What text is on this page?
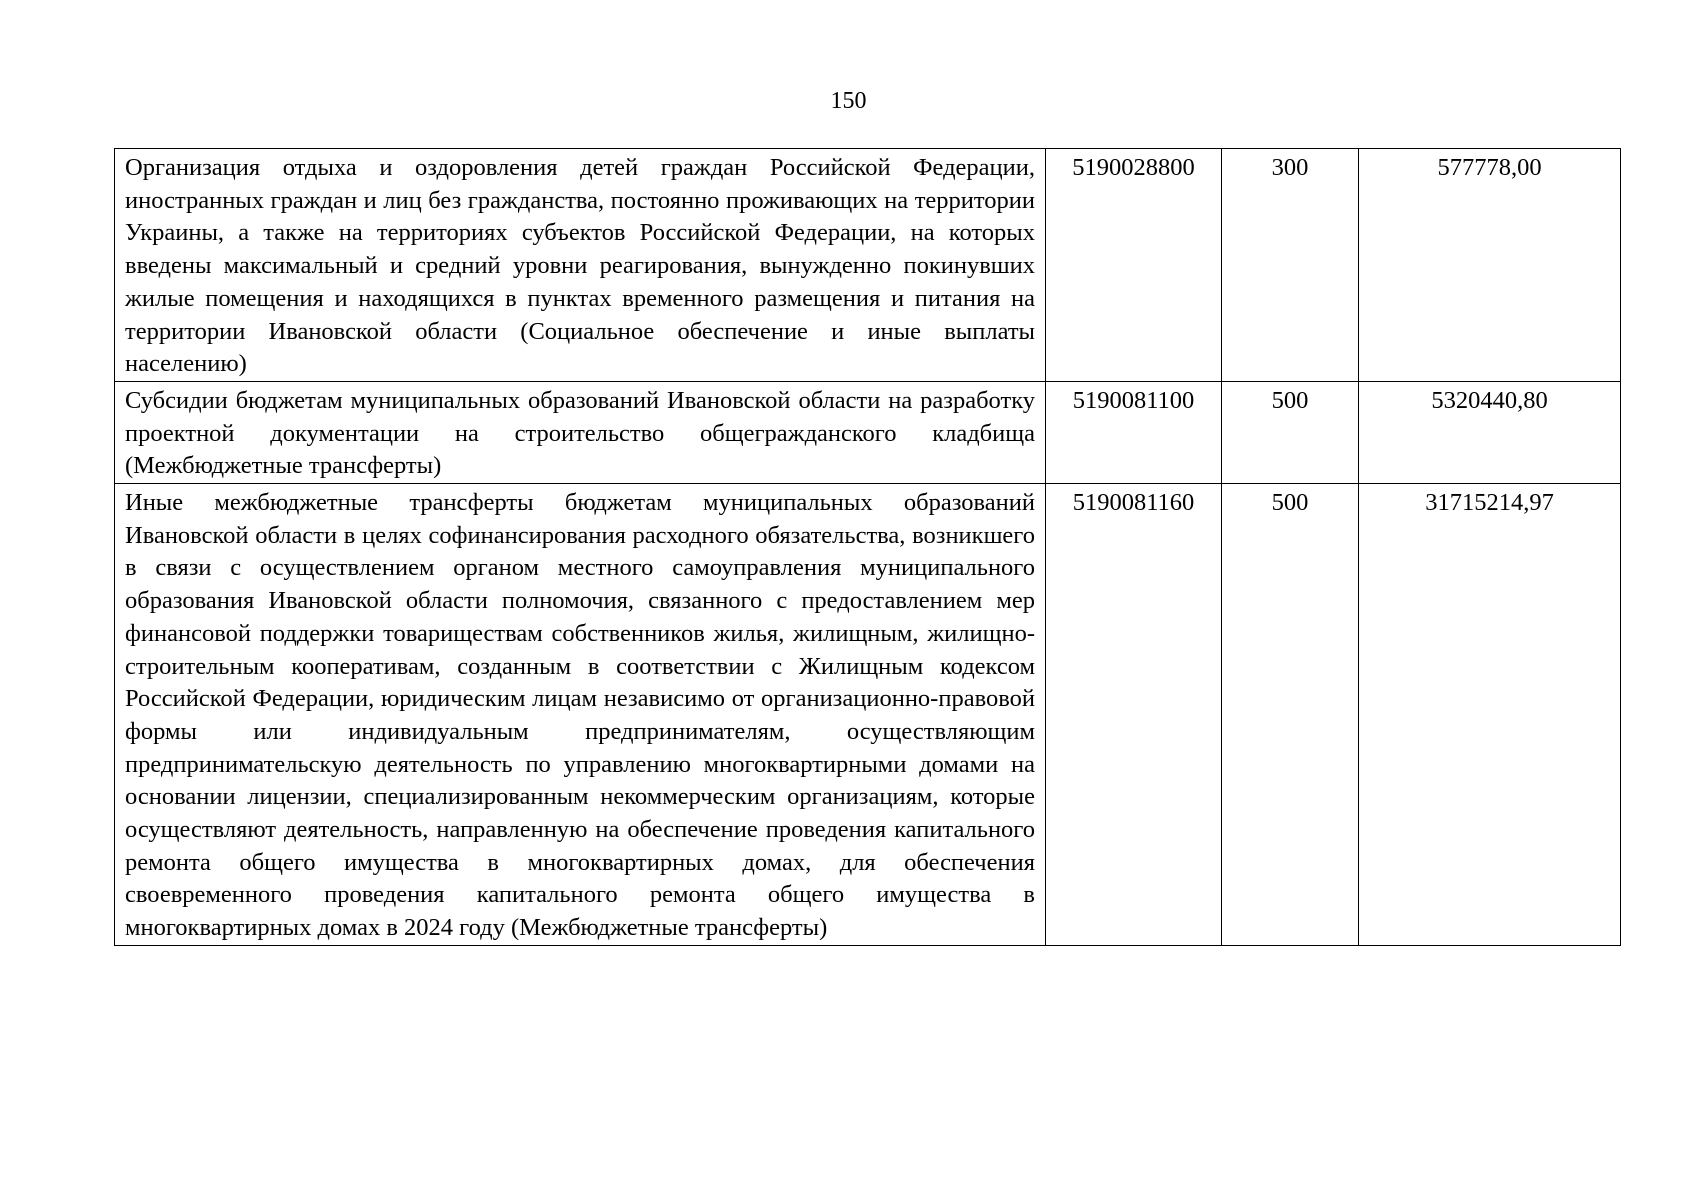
150
Организация отдыха и оздоровления детей граждан Российской Федерации, иностранных граждан и лиц без гражданства, постоянно проживающих на территории Украины, а также на территориях субъектов Российской Федерации, на которых введены максимальный и средний уровни реагирования, вынужденно покинувших жилые помещения и находящихся в пунктах временного размещения и питания на территории Ивановской области (Социальное обеспечение и иные выплаты населению)	5190028800	300	577778,00
Субсидии бюджетам муниципальных образований Ивановской области на разработку проектной документации на строительство общегражданского кладбища (Межбюджетные трансферты)	5190081100	500	5320440,80
Иные межбюджетные трансферты бюджетам муниципальных образований Ивановской области в целях софинансирования расходного обязательства, возникшего в связи с осуществлением органом местного самоуправления муниципального образования Ивановской области полномочия, связанного с предоставлением мер финансовой поддержки товариществам собственников жилья, жилищным, жилищно-строительным кооперативам, созданным в соответствии с Жилищным кодексом Российской Федерации, юридическим лицам независимо от организационно-правовой формы или индивидуальным предпринимателям, осуществляющим предпринимательскую деятельность по управлению многоквартирными домами на основании лицензии, специализированным некоммерческим организациям, которые осуществляют деятельность, направленную на обеспечение проведения капитального ремонта общего имущества в многоквартирных домах, для обеспечения своевременного проведения капитального ремонта общего имущества в многоквартирных домах в 2024 году (Межбюджетные трансферты)	5190081160	500	31715214,97
